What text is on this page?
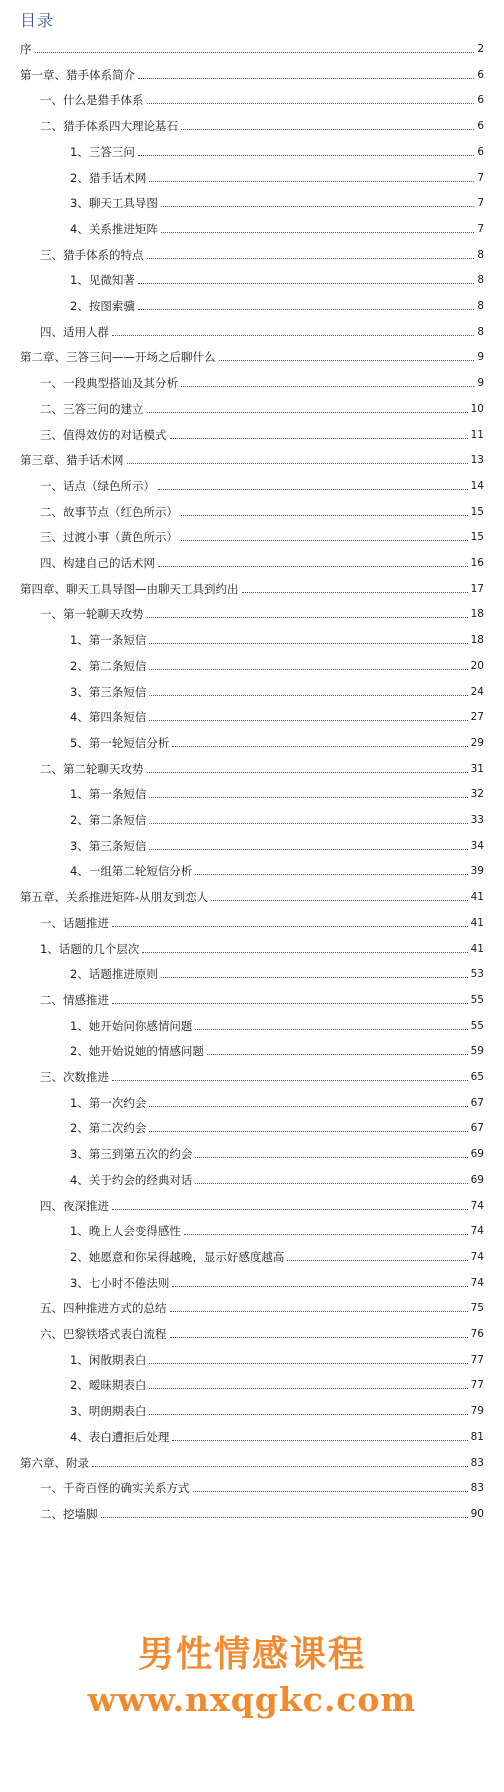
目录
序	2
第一章、猎手体系简介	6
一、什么是猎手体系	6
二、猎手体系四大理论基石	6
1、三答三问	6
2、猎手话术网	7
3、聊天工具导图	7
4、关系推进矩阵	7
三、猎手体系的特点	8
1、见微知著	8
2、按图索骥	8
四、适用人群	8
第二章、三答三问——开场之后聊什么	9
一、一段典型搭讪及其分析	9
二、三答三问的建立	10
三、值得效仿的对话模式	11
第三章、猎手话术网	13
一、话点（绿色所示）	14
二、故事节点（红色所示）	15
三、过渡小事（黄色所示）	15
四、构建自己的话术网	16
第四章、聊天工具导图—由聊天工具到约出	17
一、第一轮聊天攻势	18
1、第一条短信	18
2、第二条短信	20
3、第三条短信	24
4、第四条短信	27
5、第一轮短信分析	29
二、第二轮聊天攻势	31
1、第一条短信	32
2、第二条短信	33
3、第三条短信	34
4、一组第二轮短信分析	39
第五章、关系推进矩阵-从朋友到恋人	41
一、话题推进	41
1、话题的几个层次	41
2、话题推进原则	53
二、情感推进	55
1、她开始问你感情问题	55
2、她开始说她的情感问题	59
三、次数推进	65
1、第一次约会	67
2、第二次约会	67
3、第三到第五次的约会	69
4、关于约会的经典对话	69
四、夜深推进	74
1、晚上人会变得感性	74
2、她愿意和你呆得越晚，显示好感度越高	74
3、七小时不倦法则	74
五、四种推进方式的总结	75
六、巴黎铁塔式表白流程	76
1、闲散期表白	77
2、暧昧期表白	77
3、明朗期表白	79
4、表白遭拒后处理	81
第六章、附录	83
一、千奇百怪的确实关系方式	83
二、挖墙脚	90
男性情感课程
www.nxqgkc.com
